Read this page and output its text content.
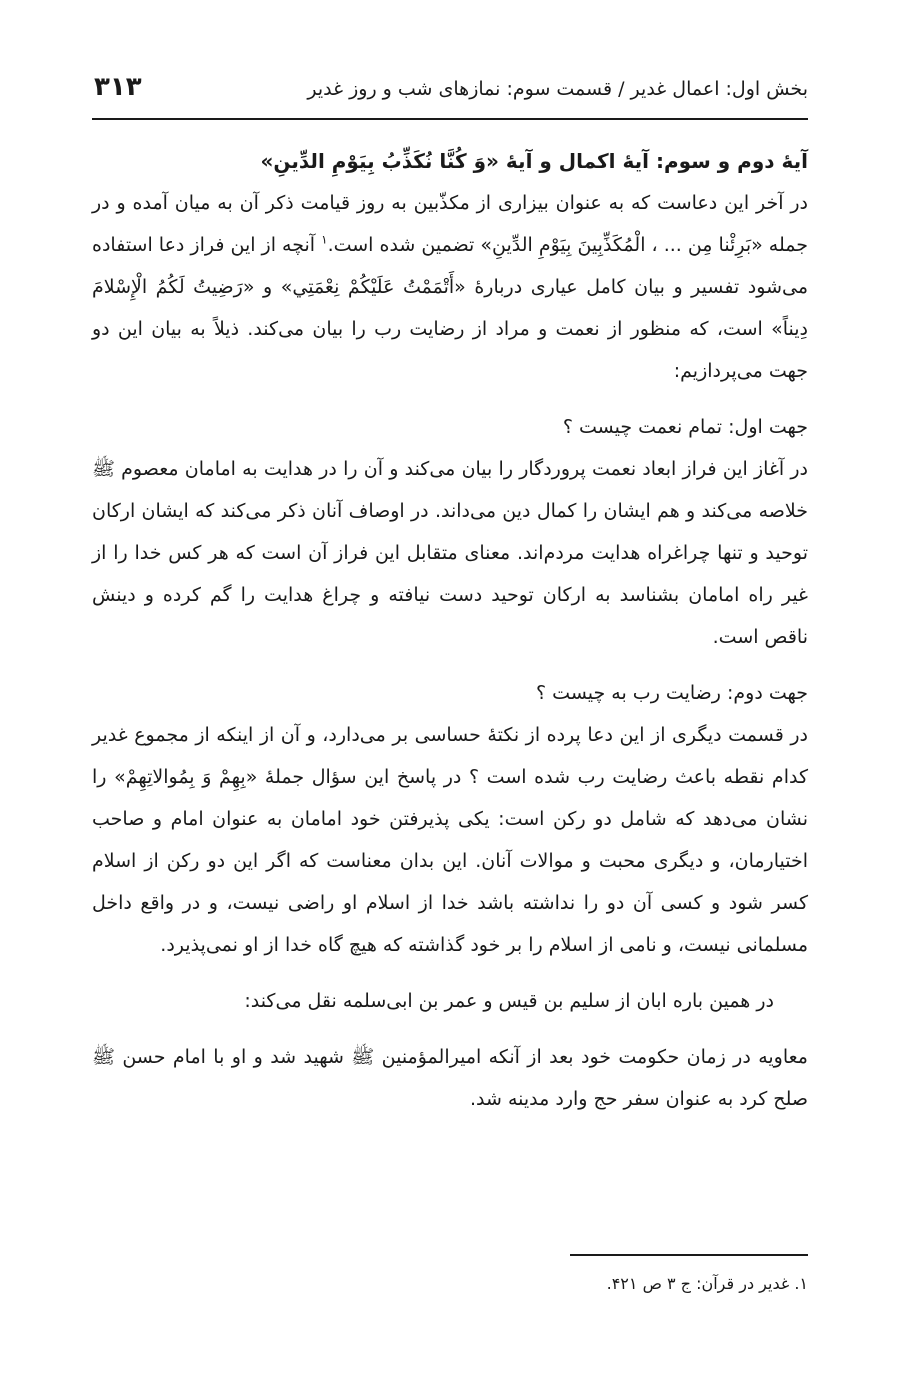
بخش اول: اعمال غدیر / قسمت سوم: نمازهای شب و روز غدیر
۳۱۳

آیۀ دوم و سوم: آیۀ اکمال و آیۀ «وَ كُنَّا نُكَذِّبُ بِيَوْمِ الدِّينِ»

در آخر این دعاست که به عنوان بیزاری از مکذّبین به روز قیامت ذکر آن به میان آمده و در جمله «بَرِئْنا مِن ... ، الْمُكَذِّبِينَ بِيَوْمِ الدِّينِ» تضمین شده است.$^۱$ آنچه از این فراز دعا استفاده می‌شود تفسیر و بیان کامل عیاری دربارۀ «أَتْمَمْتُ عَلَيْكُمْ نِعْمَتِي» و «رَضِيتُ لَكُمُ الْإِسْلامَ دِيناً» است، که منظور از نعمت و مراد از رضایت رب را بیان می‌کند. ذیلاً به بیان این دو جهت می‌پردازیم:

جهت اول: تمام نعمت چیست ؟

در آغاز این فراز ابعاد نعمت پروردگار را بیان می‌کند و آن را در هدایت به امامان معصوم ﷺ خلاصه می‌کند و هم ایشان را کمال دین می‌داند. در اوصاف آنان ذکر می‌کند که ایشان ارکان توحید و تنها چراغراه هدایت مردم‌اند. معنای متقابل این فراز آن است که هر کس خدا را از غیر راه امامان بشناسد به ارکان توحید دست نیافته و چراغ هدایت را گم کرده و دینش ناقص است.

جهت دوم: رضایت رب به چیست ؟

در قسمت دیگری از این دعا پرده از نکتۀ حساسی بر می‌دارد، و آن از اینکه از مجموع غدیر کدام نقطه باعث رضایت رب شده است ؟ در پاسخ این سؤال جملۀ «بِهِمْ وَ بِمُوالاتِهِمْ» را نشان می‌دهد که شامل دو رکن است: یکی پذیرفتن خود امامان به عنوان امام و صاحب اختیارمان، و دیگری محبت و موالات آنان. این بدان معناست که اگر این دو رکن از اسلام کسر شود و کسی آن دو را نداشته باشد خدا از اسلام او راضی نیست، و در واقع داخل مسلمانی نیست، و نامی از اسلام را بر خود گذاشته که هیچ گاه خدا از او نمی‌پذیرد.

در همین باره ابان از سلیم بن قیس و عمر بن ابی‌سلمه نقل می‌کند:

معاویه در زمان حکومت خود بعد از آنکه امیرالمؤمنین ﷺ شهید شد و او با امام حسن ﷺ صلح کرد به عنوان سفر حج وارد مدینه شد.

۱. غدیر در قرآن: ج ۳ ص ۴۲۱.
